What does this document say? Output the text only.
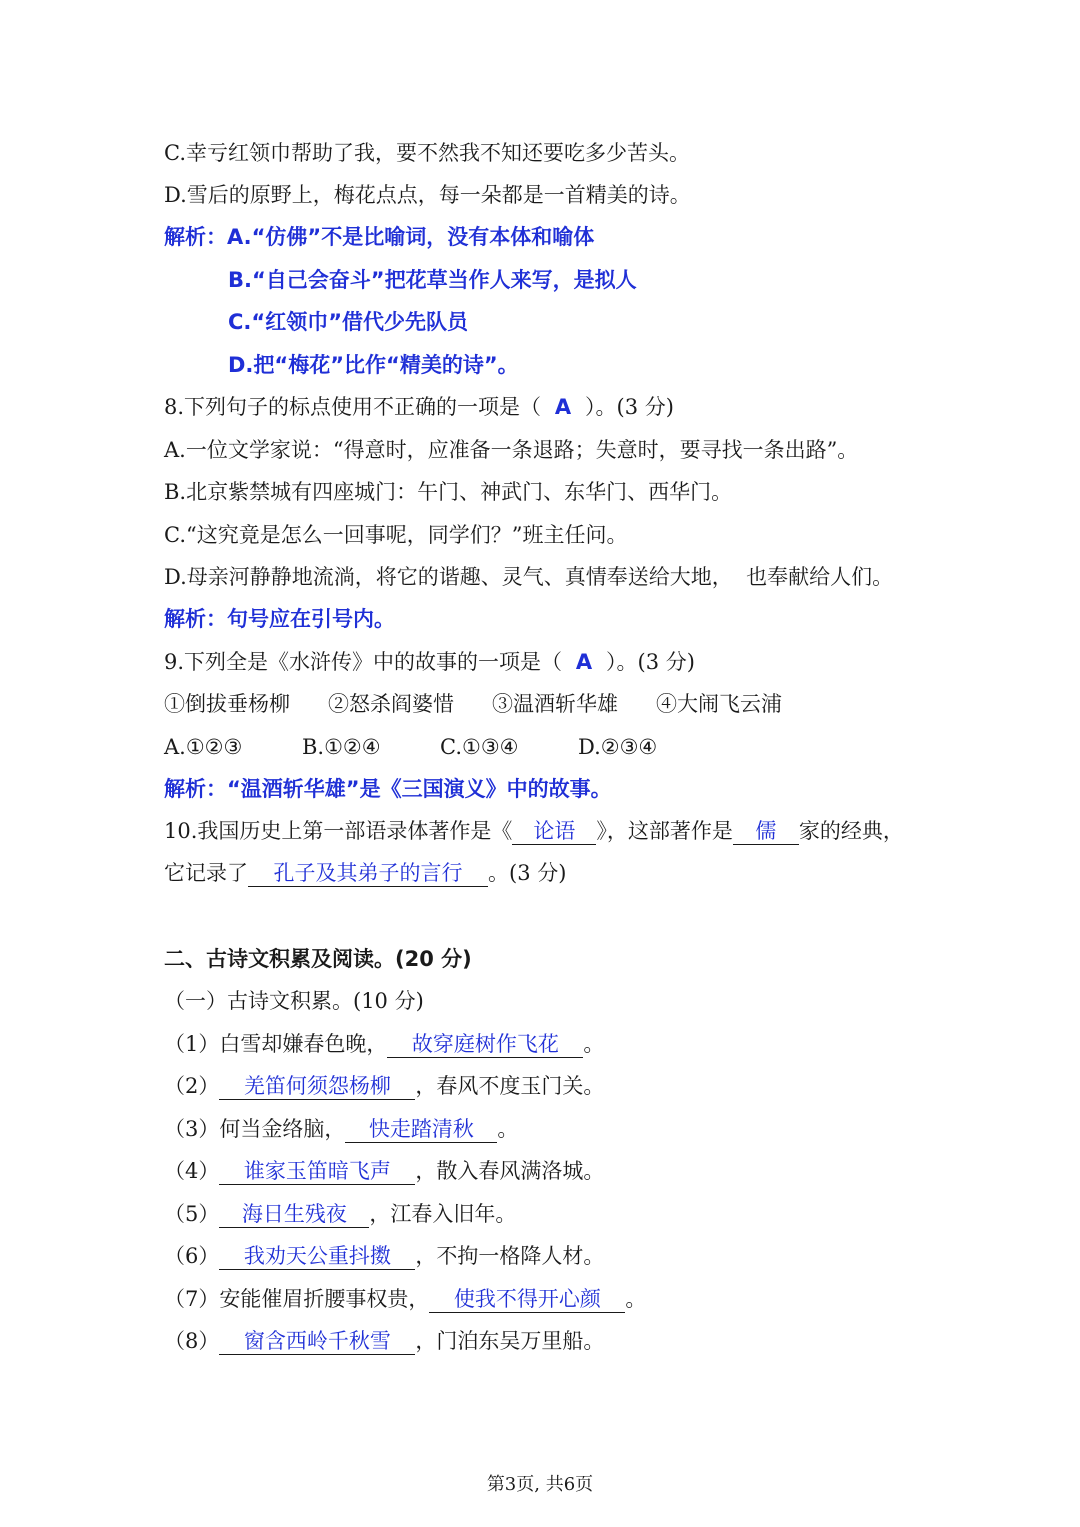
C.幸亏红领巾帮助了我，要不然我不知还要吃多少苦头。
D.雪后的原野上，梅花点点，每一朵都是一首精美的诗。
解析：A.“仿佛”不是比喻词，没有本体和喻体
B.“自己会奋斗”把花草当作人来写，是拟人
C.“红领巾”借代少先队员
D.把“梅花”比作“精美的诗”。
8.下列句子的标点使用不正确的一项是（ A ）。(3 分)
A.一位文学家说：“得意时，应准备一条退路；失意时，要寻找一条出路”。
B.北京紫禁城有四座城门：午门、神武门、东华门、西华门。
C.“这究竟是怎么一回事呢，同学们？”班主任问。
D.母亲河静静地流淌，将它的谐趣、灵气、真情奉送给大地，  也奉献给人们。
解析：句号应在引号内。
9.下列全是《水浒传》中的故事的一项是（ A ）。(3 分)
①倒拔垂杨柳 ②怒杀阎婆惜 ③温酒斩华雄 ④大闹飞云浦
A.①②③	B.①②④	C.①③④	D.②③④
解析：“温酒斩华雄”是《三国演义》中的故事。
10.我国历史上第一部语录体著作是《 论语 》，这部著作是 儒 家的经典，
它记录了 孔子及其弟子的言行 。(3 分)
二、古诗文积累及阅读。(20 分)
（一）古诗文积累。(10 分)
（1）白雪却嫌春色晚， 故穿庭树作飞花 。
（2） 羌笛何须怨杨柳 ，春风不度玉门关。
（3）何当金络脑， 快走踏清秋 。
（4） 谁家玉笛暗飞声 ，散入春风满洛城。
（5） 海日生残夜 ，江春入旧年。
（6） 我劝天公重抖擞 ，不拘一格降人材。
（7）安能催眉折腰事权贵， 使我不得开心颜 。
（8） 窗含西岭千秋雪 ，门泊东吴万里船。
第3页, 共6页
